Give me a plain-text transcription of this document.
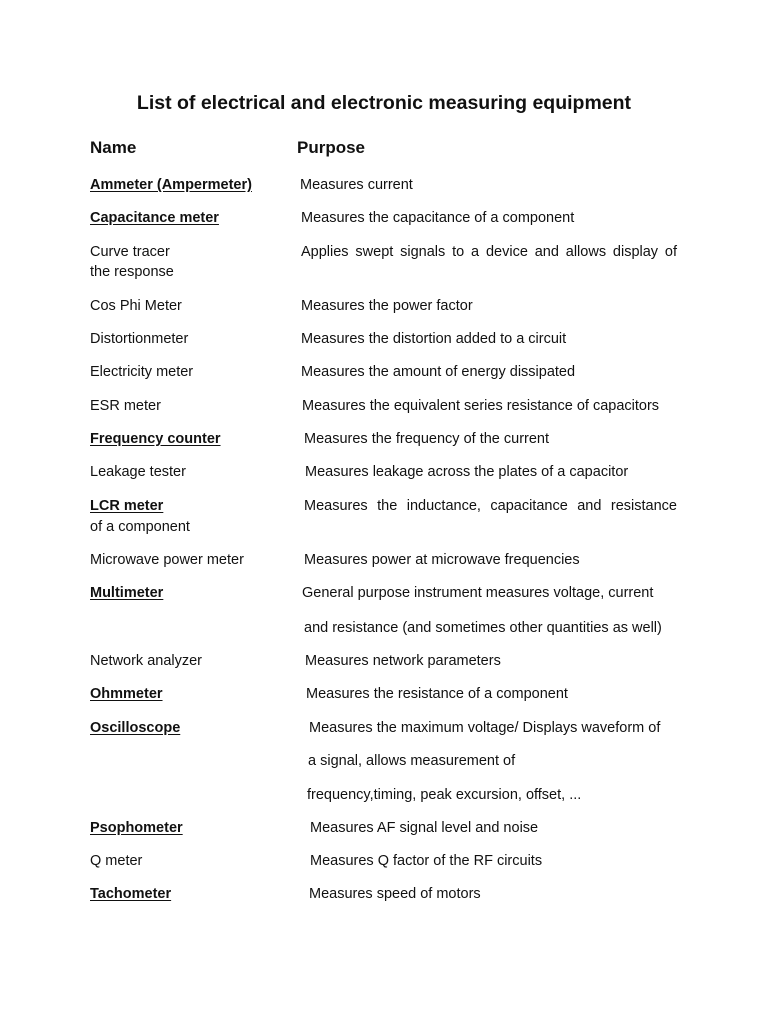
List of electrical and electronic measuring equipment
Name	Purpose
Ammeter (Ampermeter)	Measures current
Capacitance meter	Measures the capacitance of a component
Curve tracer	Applies swept signals to a device and allows display of
the response
Cos Phi Meter	Measures the power factor
Distortionmeter	Measures the distortion added to a circuit
Electricity meter	Measures the amount of energy dissipated
ESR meter	Measures the equivalent series resistance of capacitors
Frequency counter	Measures the frequency of the current
Leakage tester	Measures leakage across the plates of a capacitor
LCR meter	Measures the inductance, capacitance and resistance
of a component
Microwave power meter	Measures power at microwave frequencies
Multimeter	General purpose instrument measures voltage, current
and resistance (and sometimes other quantities as well)
Network analyzer	Measures network parameters
Ohmmeter	Measures the resistance of a component
Oscilloscope	Measures the maximum voltage/ Displays waveform of
a signal, allows measurement of
frequency,timing, peak excursion, offset, ...
Psophometer	Measures AF signal level and noise
Q meter	Measures Q factor of the RF circuits
Tachometer	Measures speed of motors
